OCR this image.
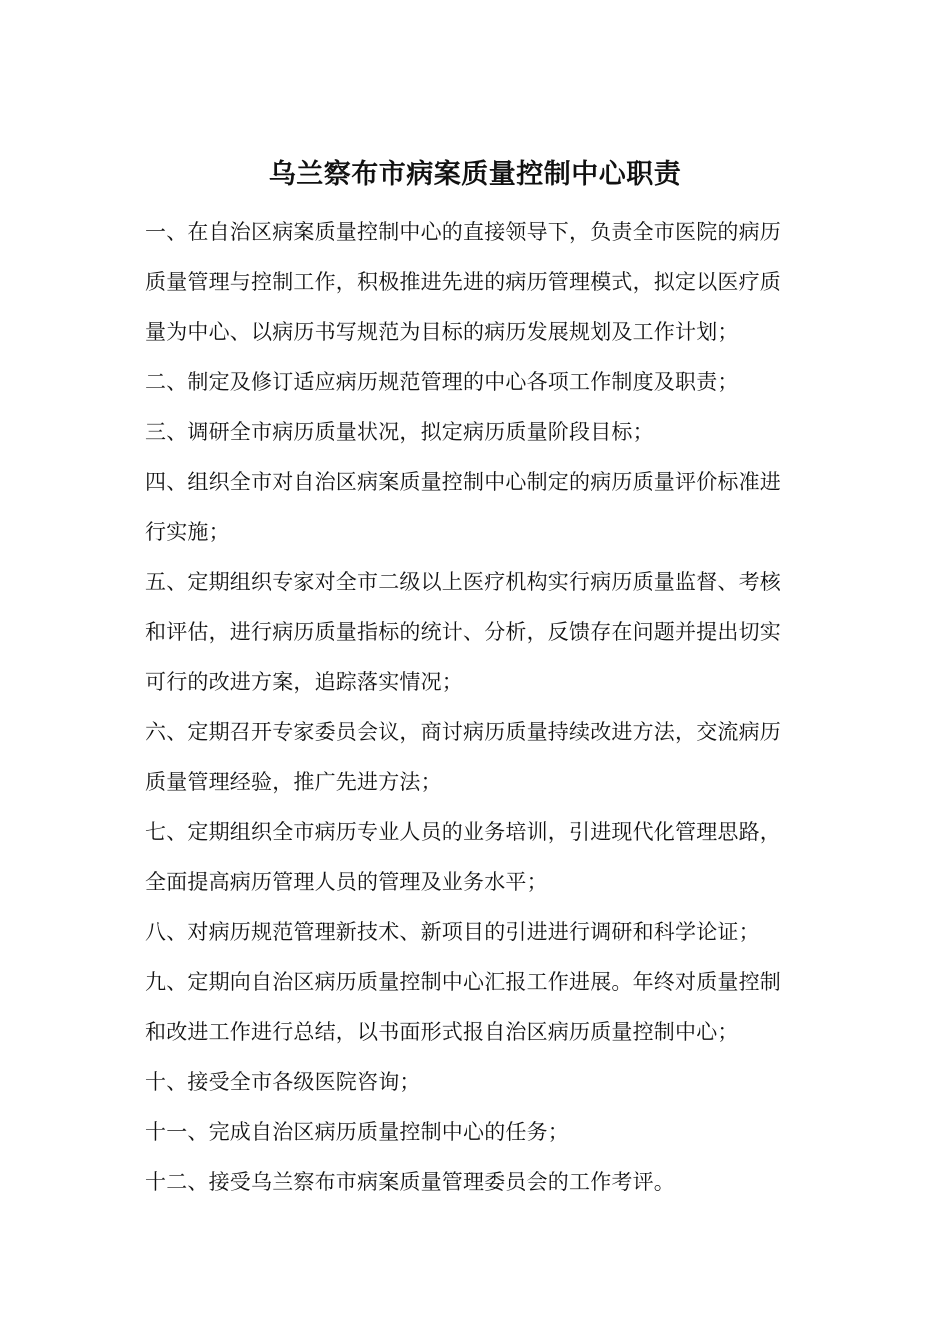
乌兰察布市病案质量控制中心职责
一、在自治区病案质量控制中心的直接领导下，负责全市医院的病历
质量管理与控制工作，积极推进先进的病历管理模式，拟定以医疗质
量为中心、以病历书写规范为目标的病历发展规划及工作计划；
二、制定及修订适应病历规范管理的中心各项工作制度及职责；
三、调研全市病历质量状况，拟定病历质量阶段目标；
四、组织全市对自治区病案质量控制中心制定的病历质量评价标准进
行实施；
五、定期组织专家对全市二级以上医疗机构实行病历质量监督、考核
和评估，进行病历质量指标的统计、分析，反馈存在问题并提出切实
可行的改进方案，追踪落实情况；
六、定期召开专家委员会议，商讨病历质量持续改进方法，交流病历
质量管理经验，推广先进方法；
七、定期组织全市病历专业人员的业务培训，引进现代化管理思路，
全面提高病历管理人员的管理及业务水平；
八、对病历规范管理新技术、新项目的引进进行调研和科学论证；
九、定期向自治区病历质量控制中心汇报工作进展。年终对质量控制
和改进工作进行总结，以书面形式报自治区病历质量控制中心；
十、接受全市各级医院咨询；
十一、完成自治区病历质量控制中心的任务；
十二、接受乌兰察布市病案质量管理委员会的工作考评。
